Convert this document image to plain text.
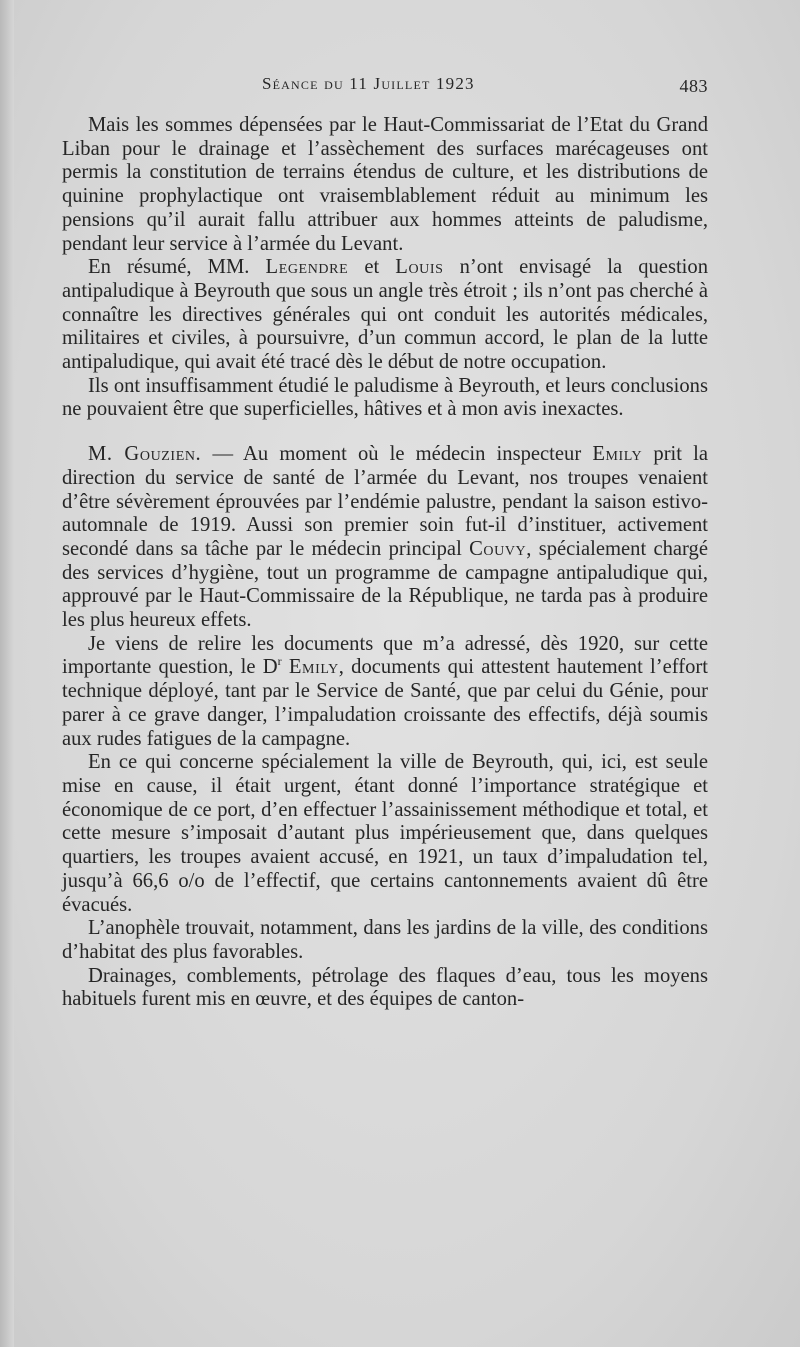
Séance du 11 Juillet 1923	483

Mais les sommes dépensées par le Haut-Commissariat de l’Etat du Grand Liban pour le drainage et l’assèchement des surfaces marécageuses ont permis la constitution de terrains étendus de culture, et les distributions de quinine prophylactique ont vraisemblablement réduit au minimum les pensions qu’il aurait fallu attribuer aux hommes atteints de paludisme, pendant leur service à l’armée du Levant.

En résumé, MM. Legendre et Louis n’ont envisagé la question antipaludique à Beyrouth que sous un angle très étroit ; ils n’ont pas cherché à connaître les directives générales qui ont conduit les autorités médicales, militaires et civiles, à poursuivre, d’un commun accord, le plan de la lutte antipaludique, qui avait été tracé dès le début de notre occupation.

Ils ont insuffisamment étudié le paludisme à Beyrouth, et leurs conclusions ne pouvaient être que superficielles, hâtives et à mon avis inexactes.

M. Gouzien. — Au moment où le médecin inspecteur Emily prit la direction du service de santé de l’armée du Levant, nos troupes venaient d’être sévèrement éprouvées par l’endémie palustre, pendant la saison estivo-automnale de 1919. Aussi son premier soin fut-il d’instituer, activement secondé dans sa tâche par le médecin principal Couvy, spécialement chargé des services d’hygiène, tout un programme de campagne antipaludique qui, approuvé par le Haut-Commissaire de la République, ne tarda pas à produire les plus heureux effets.

Je viens de relire les documents que m’a adressé, dès 1920, sur cette importante question, le $D^r$ Emily, documents qui attestent hautement l’effort technique déployé, tant par le Service de Santé, que par celui du Génie, pour parer à ce grave danger, l’impaludation croissante des effectifs, déjà soumis aux rudes fatigues de la campagne.

En ce qui concerne spécialement la ville de Beyrouth, qui, ici, est seule mise en cause, il était urgent, étant donné l’importance stratégique et économique de ce port, d’en effectuer l’assainissement méthodique et total, et cette mesure s’imposait d’autant plus impérieusement que, dans quelques quartiers, les troupes avaient accusé, en 1921, un taux d’impaludation tel, jusqu’à 66,6 o/o de l’effectif, que certains cantonnements avaient dû être évacués.

L’anophèle trouvait, notamment, dans les jardins de la ville, des conditions d’habitat des plus favorables.

Drainages, comblements, pétrolage des flaques d’eau, tous les moyens habituels furent mis en œuvre, et des équipes de canton-
